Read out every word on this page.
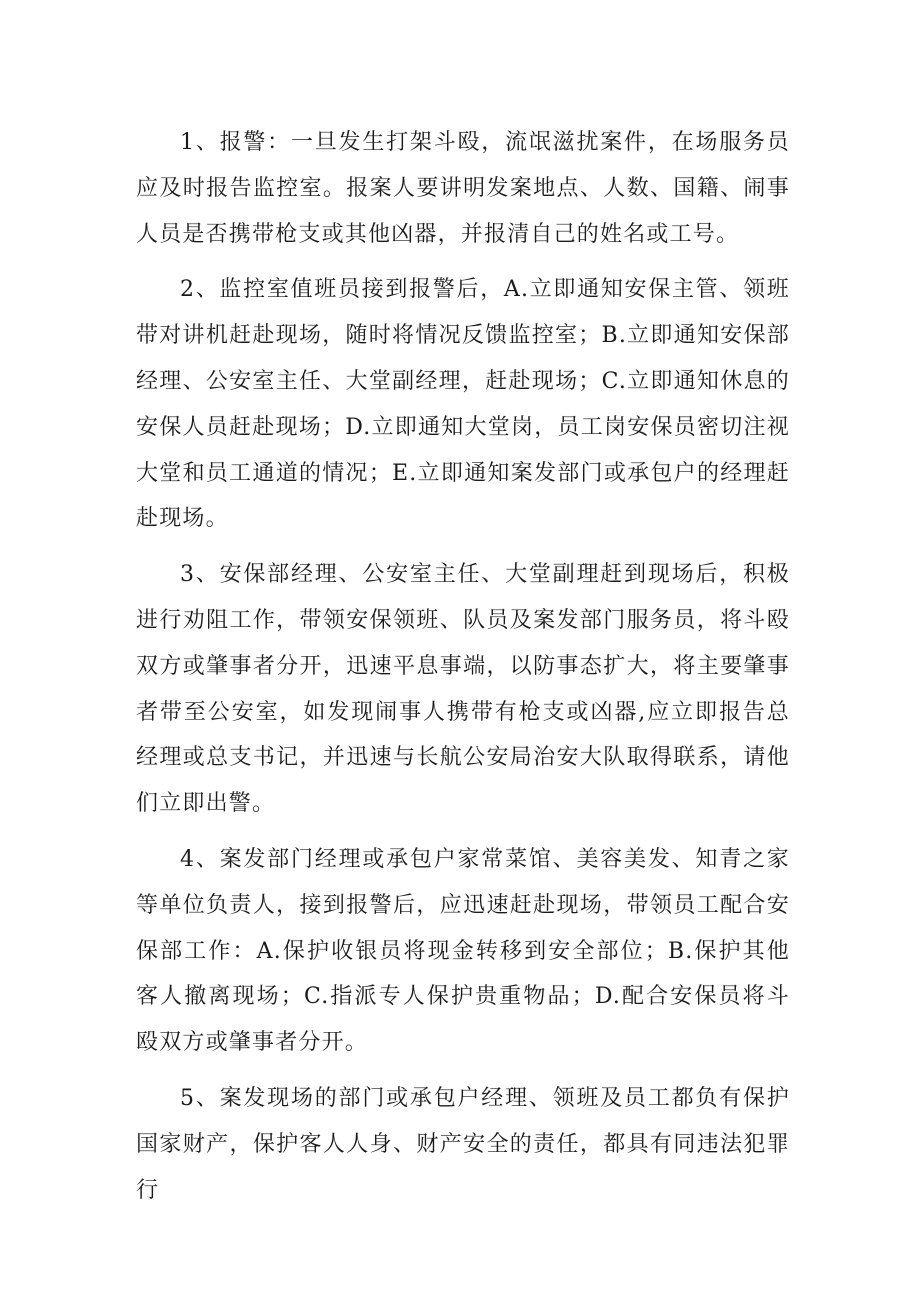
1、报警：一旦发生打架斗殴，流氓滋扰案件，在场服务员应及时报告监控室。报案人要讲明发案地点、人数、国籍、闹事人员是否携带枪支或其他凶器，并报清自己的姓名或工号。

2、监控室值班员接到报警后，A.立即通知安保主管、领班带对讲机赶赴现场，随时将情况反馈监控室；B.立即通知安保部经理、公安室主任、大堂副经理，赶赴现场；C.立即通知休息的安保人员赶赴现场；D.立即通知大堂岗，员工岗安保员密切注视大堂和员工通道的情况；E.立即通知案发部门或承包户的经理赶赴现场。

3、安保部经理、公安室主任、大堂副理赶到现场后，积极进行劝阻工作，带领安保领班、队员及案发部门服务员，将斗殴双方或肇事者分开，迅速平息事端，以防事态扩大，将主要肇事者带至公安室，如发现闹事人携带有枪支或凶器,应立即报告总经理或总支书记，并迅速与长航公安局治安大队取得联系，请他们立即出警。

4、案发部门经理或承包户家常菜馆、美容美发、知青之家等单位负责人，接到报警后，应迅速赶赴现场，带领员工配合安保部工作：A.保护收银员将现金转移到安全部位；B.保护其他客人撤离现场；C.指派专人保护贵重物品；D.配合安保员将斗殴双方或肇事者分开。

5、案发现场的部门或承包户经理、领班及员工都负有保护国家财产，保护客人人身、财产安全的责任，都具有同违法犯罪行
